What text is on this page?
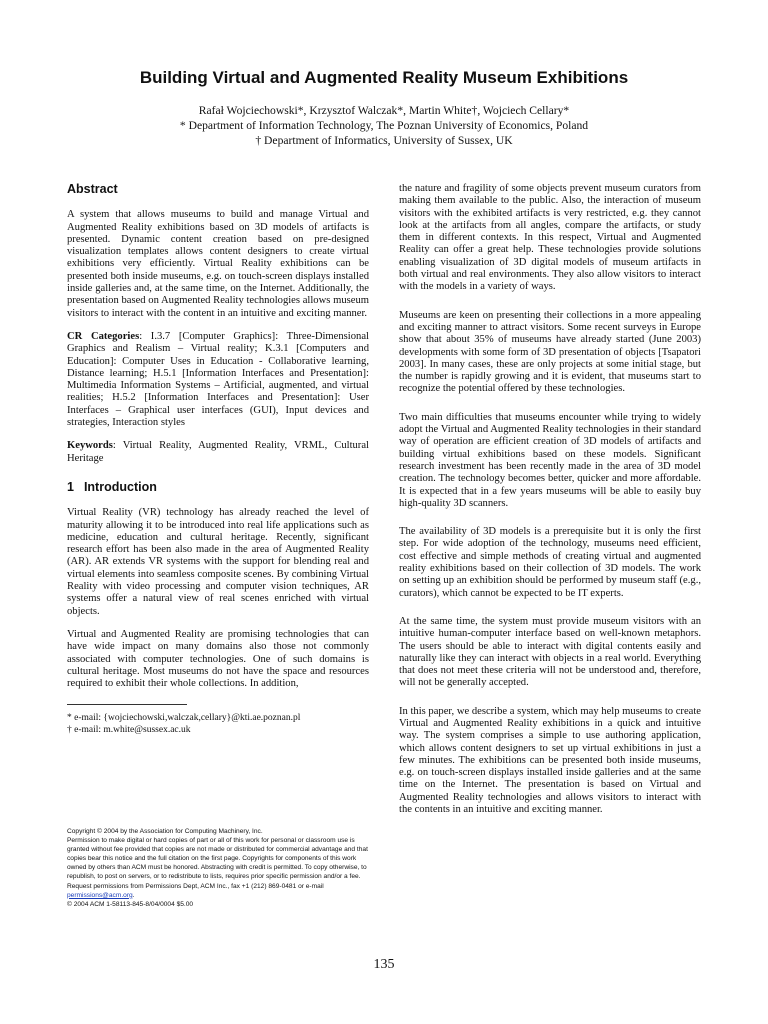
Building Virtual and Augmented Reality Museum Exhibitions
Rafał Wojciechowski*, Krzysztof Walczak*, Martin White†, Wojciech Cellary*
* Department of Information Technology, The Poznan University of Economics, Poland
† Department of Informatics, University of Sussex, UK
Abstract

A system that allows museums to build and manage Virtual and Augmented Reality exhibitions based on 3D models of artifacts is presented. Dynamic content creation based on pre-designed visualization templates allows content designers to create virtual exhibitions very efficiently. Virtual Reality exhibitions can be presented both inside museums, e.g. on touch-screen displays installed inside galleries and, at the same time, on the Internet. Additionally, the presentation based on Augmented Reality technologies allows museum visitors to interact with the content in an intuitive and exciting manner.

CR Categories: I.3.7 [Computer Graphics]: Three-Dimensional Graphics and Realism – Virtual reality; K.3.1 [Computers and Education]: Computer Uses in Education - Collaborative learning, Distance learning; H.5.1 [Information Interfaces and Presentation]: Multimedia Information Systems – Artificial, augmented, and virtual realities; H.5.2 [Information Interfaces and Presentation]: User Interfaces – Graphical user interfaces (GUI), Input devices and strategies, Interaction styles

Keywords: Virtual Reality, Augmented Reality, VRML, Cultural Heritage

1 Introduction

Virtual Reality (VR) technology has already reached the level of maturity allowing it to be introduced into real life applications such as medicine, education and cultural heritage. Recently, significant research effort has been also made in the area of Augmented Reality (AR). AR extends VR systems with the support for blending real and virtual elements into seamless composite scenes. By combining Virtual Reality with video processing and computer vision techniques, AR systems offer a natural view of real scenes enriched with virtual objects.

Virtual and Augmented Reality are promising technologies that can have wide impact on many domains also those not commonly associated with computer technologies. One of such domains is cultural heritage. Most museums do not have the space and resources required to exhibit their whole collections. In addition,

* e-mail: {wojciechowski,walczak,cellary}@kti.ae.poznan.pl
† e-mail: m.white@sussex.ac.uk
Copyright © 2004 by the Association for Computing Machinery, Inc.
Permission to make digital or hard copies of part or all of this work for personal or classroom use is granted without fee provided that copies are not made or distributed for commercial advantage and that copies bear this notice and the full citation on the first page. Copyrights for components of this work owned by others than ACM must be honored. Abstracting with credit is permitted. To copy otherwise, to republish, to post on servers, or to redistribute to lists, requires prior specific permission and/or a fee. Request permissions from Permissions Dept, ACM Inc., fax +1 (212) 869-0481 or e-mail permissions@acm.org.
© 2004 ACM 1-58113-845-8/04/0004 $5.00

the nature and fragility of some objects prevent museum curators from making them available to the public. Also, the interaction of museum visitors with the exhibited artifacts is very restricted, e.g. they cannot look at the artifacts from all angles, compare the artifacts, or study them in different contexts. In this respect, Virtual and Augmented Reality can offer a great help. These technologies provide solutions enabling visualization of 3D digital models of museum artifacts in both virtual and real environments. They also allow visitors to interact with the models in a variety of ways.

Museums are keen on presenting their collections in a more appealing and exciting manner to attract visitors. Some recent surveys in Europe show that about 35% of museums have already started (June 2003) developments with some form of 3D presentation of objects [Tsapatori 2003]. In many cases, these are only projects at some initial stage, but the number is rapidly growing and it is evident, that museums start to recognize the potential offered by these technologies.

Two main difficulties that museums encounter while trying to widely adopt the Virtual and Augmented Reality technologies in their standard way of operation are efficient creation of 3D models of artifacts and building virtual exhibitions based on these models. Significant research investment has been recently made in the area of 3D model creation. The technology becomes better, quicker and more affordable. It is expected that in a few years museums will be able to easily buy high-quality 3D scanners.

The availability of 3D models is a prerequisite but it is only the first step. For wide adoption of the technology, museums need efficient, cost effective and simple methods of creating virtual and augmented reality exhibitions based on their collection of 3D models. The work on setting up an exhibition should be performed by museum staff (e.g., curators), which cannot be expected to be IT experts.

At the same time, the system must provide museum visitors with an intuitive human-computer interface based on well-known metaphors. The users should be able to interact with digital contents easily and naturally like they can interact with objects in a real world. Everything that does not meet these criteria will not be understood and, therefore, will not be generally accepted.

In this paper, we describe a system, which may help museums to create Virtual and Augmented Reality exhibitions in a quick and intuitive way. The system comprises a simple to use authoring application, which allows content designers to set up virtual exhibitions in just a few minutes. The exhibitions can be presented both inside museums, e.g. on touch-screen displays installed inside galleries and at the same time on the Internet. The presentation is based on Virtual and Augmented Reality technologies and allows visitors to interact with the contents in an intuitive and exciting manner.

135
